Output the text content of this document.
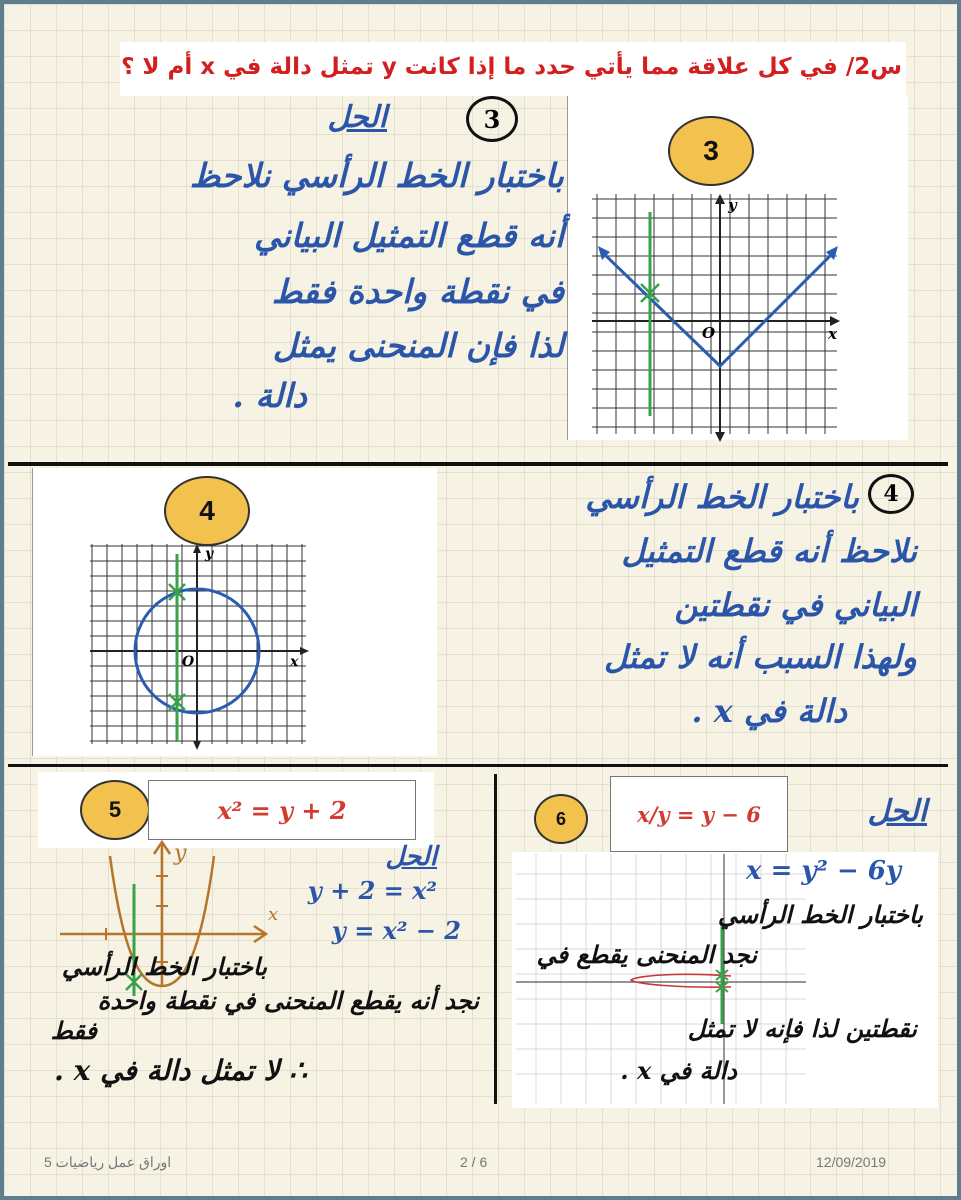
س2/ في كل علاقة مما يأتي حدد ما إذا كانت y تمثل دالة في x أم لا ؟
3
x
y
O
3
الحل
باختبار الخط الرأسي نلاحظ
أنه قطع التمثيل البياني
في نقطة واحدة فقط
لذا فإن المنحنى يمثل
دالة .
4
x
y
O
4
باختبار الخط الرأسي
نلاحظ أنه قطع التمثيل
البياني في نقطتين
ولهذا السبب أنه لا تمثل
دالة في x .
5	x² = y + 2
y
x
الحل
y + 2 = x²
y = x² − 2
باختبار الخط الرأسي
نجد أنه يقطع المنحنى في نقطة واحدة
فقط
∴ لا تمثل دالة في x .
6	x/y = y − 6	الحل
x = y² − 6y
باختبار الخط الرأسي
نجد المنحنى يقطع في
نقطتين لذا فإنه لا تمثل
دالة في x .
اوراق عمل رياضيات 5	2 / 6	12/09/2019
